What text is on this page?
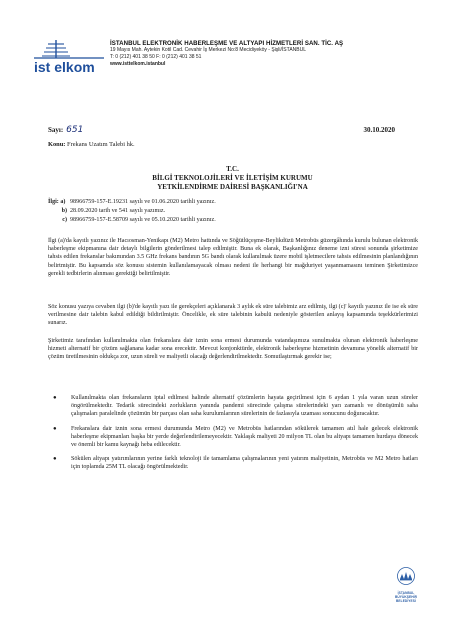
ist elkom
İSTANBUL ELEKTRONİK HABERLEŞME VE ALTYAPI HİZMETLERİ SAN. TİC. AŞ
19 Mayıs Mah. Aytekin Kotil Cad. Cevahir İş Merkezi No:8 Mecidiyeköy - Şişli/İSTANBUL
T: 0 (212) 401 38 50 F: 0 (212) 401 38 51
www.isttelkom.istanbul
Sayı: 651	30.10.2020
Konu: Frekans Uzatım Talebi hk.
T.C.
BİLGİ TEKNOLOJİLERİ VE İLETİŞİM KURUMU
YETKİLENDİRME DAİRESİ BAŞKANLIĞI'NA
İlgi: a) 98966759-157-E.19231 sayılı ve 01.06.2020 tarihli yazınız.
b) 28.09.2020 tarih ve 541 sayılı yazımız.
c) 98966759-157-E.58709 sayılı ve 05.10.2020 tarihli yazınız.
İlgi (a)'da kayıtlı yazınız ile Hacıosman-Yenikapı (M2) Metro hattında ve Söğütlüçeşme-Beylikdüzü Metrobüs güzergâhında kurulu bulunan elektronik haberleşme ekipmanına dair detaylı bilgilerin gönderilmesi talep edilmiştir. Buna ek olarak, Başkanlığınız deneme izni süresi sonunda şirketimize tahsis edilen frekanslar bakımından 3.5 GHz frekans bandının 5G bandı olarak kullanılmak üzere mobil işletmecilere tahsis edilmesinin planlandığının belirtmiştir. Bu kapsamda söz konusu sistemin kullanılamayacak olması nedeni ile herhangi bir mağduriyet yaşanmamasını teminen Şirketimizce gerekli tedbirlerin alınması gerektiği belirtilmiştir.
Söz konusu yazıya cevaben ilgi (b)'de kayıtlı yazı ile gerekçeleri açıklanarak 3 aylık ek süre talebimiz arz edilmiş, ilgi (c)' kayıtlı yazınız ile ise ek süre verilmesine dair talebin kabul edildiği bildirilmiştir. Öncelikle, ek süre talebinin kabulü nedeniyle gösterilen anlayış kapsamında teşekkürlerimizi sunarız.
Şirketimiz tarafından kullanılmakta olan frekanslara dair iznin sona ermesi durumunda vatandaşımıza sunulmakta olunan elektronik haberleşme hizmeti alternatif bir çözüm sağlanana kadar sona erecektir. Mevcut konjonktürde, elektronik haberleşme hizmetinin devamına yönelik alternatif bir çözüm üretilmesinin oldukça zor, uzun süreli ve maliyetli olacağı değerlendirilmektedir. Somutlaştırmak gerekir ise;
●	Kullanılmakta olan frekansların iptal edilmesi halinde alternatif çözümlerin hayata geçirilmesi için 6 aydan 1 yıla varan uzun süreler öngörülmektedir. Tedarik sürecindeki zorlukların yanında pandemi sürecinde çalışma sürelerindeki yarı zamanlı ve dönüşümlü saha çalışmaları paralelinde çözümün bir parçası olan saha kurulumlarının sürelerinin de fazlasıyla uzaması sonucunu doğuracaktır.
●	Frekanslara dair iznin sona ermesi durumunda Metro (M2) ve Metrobüs hatlarından sökülerek tamamen atıl hale gelecek elektronik haberleşme ekipmanları başka bir yerde değerlendirilemeyecektir. Yaklaşık maliyeti 20 milyon TL olan bu altyapı tamamen hurdaya dönecek ve önemli bir kamu kaynağı heba edilecektir.
●	Sökülen altyapı yatırımlarının yerine farklı teknoloji ile tamamlama çalışmalarının yeni yatırım maliyetinin, Metrobüs ve M2 Metro hatları için toplamda 25M TL olacağı öngörülmektedir.
İSTANBUL
BÜYÜKŞEHİR
BELEDİYESİ
